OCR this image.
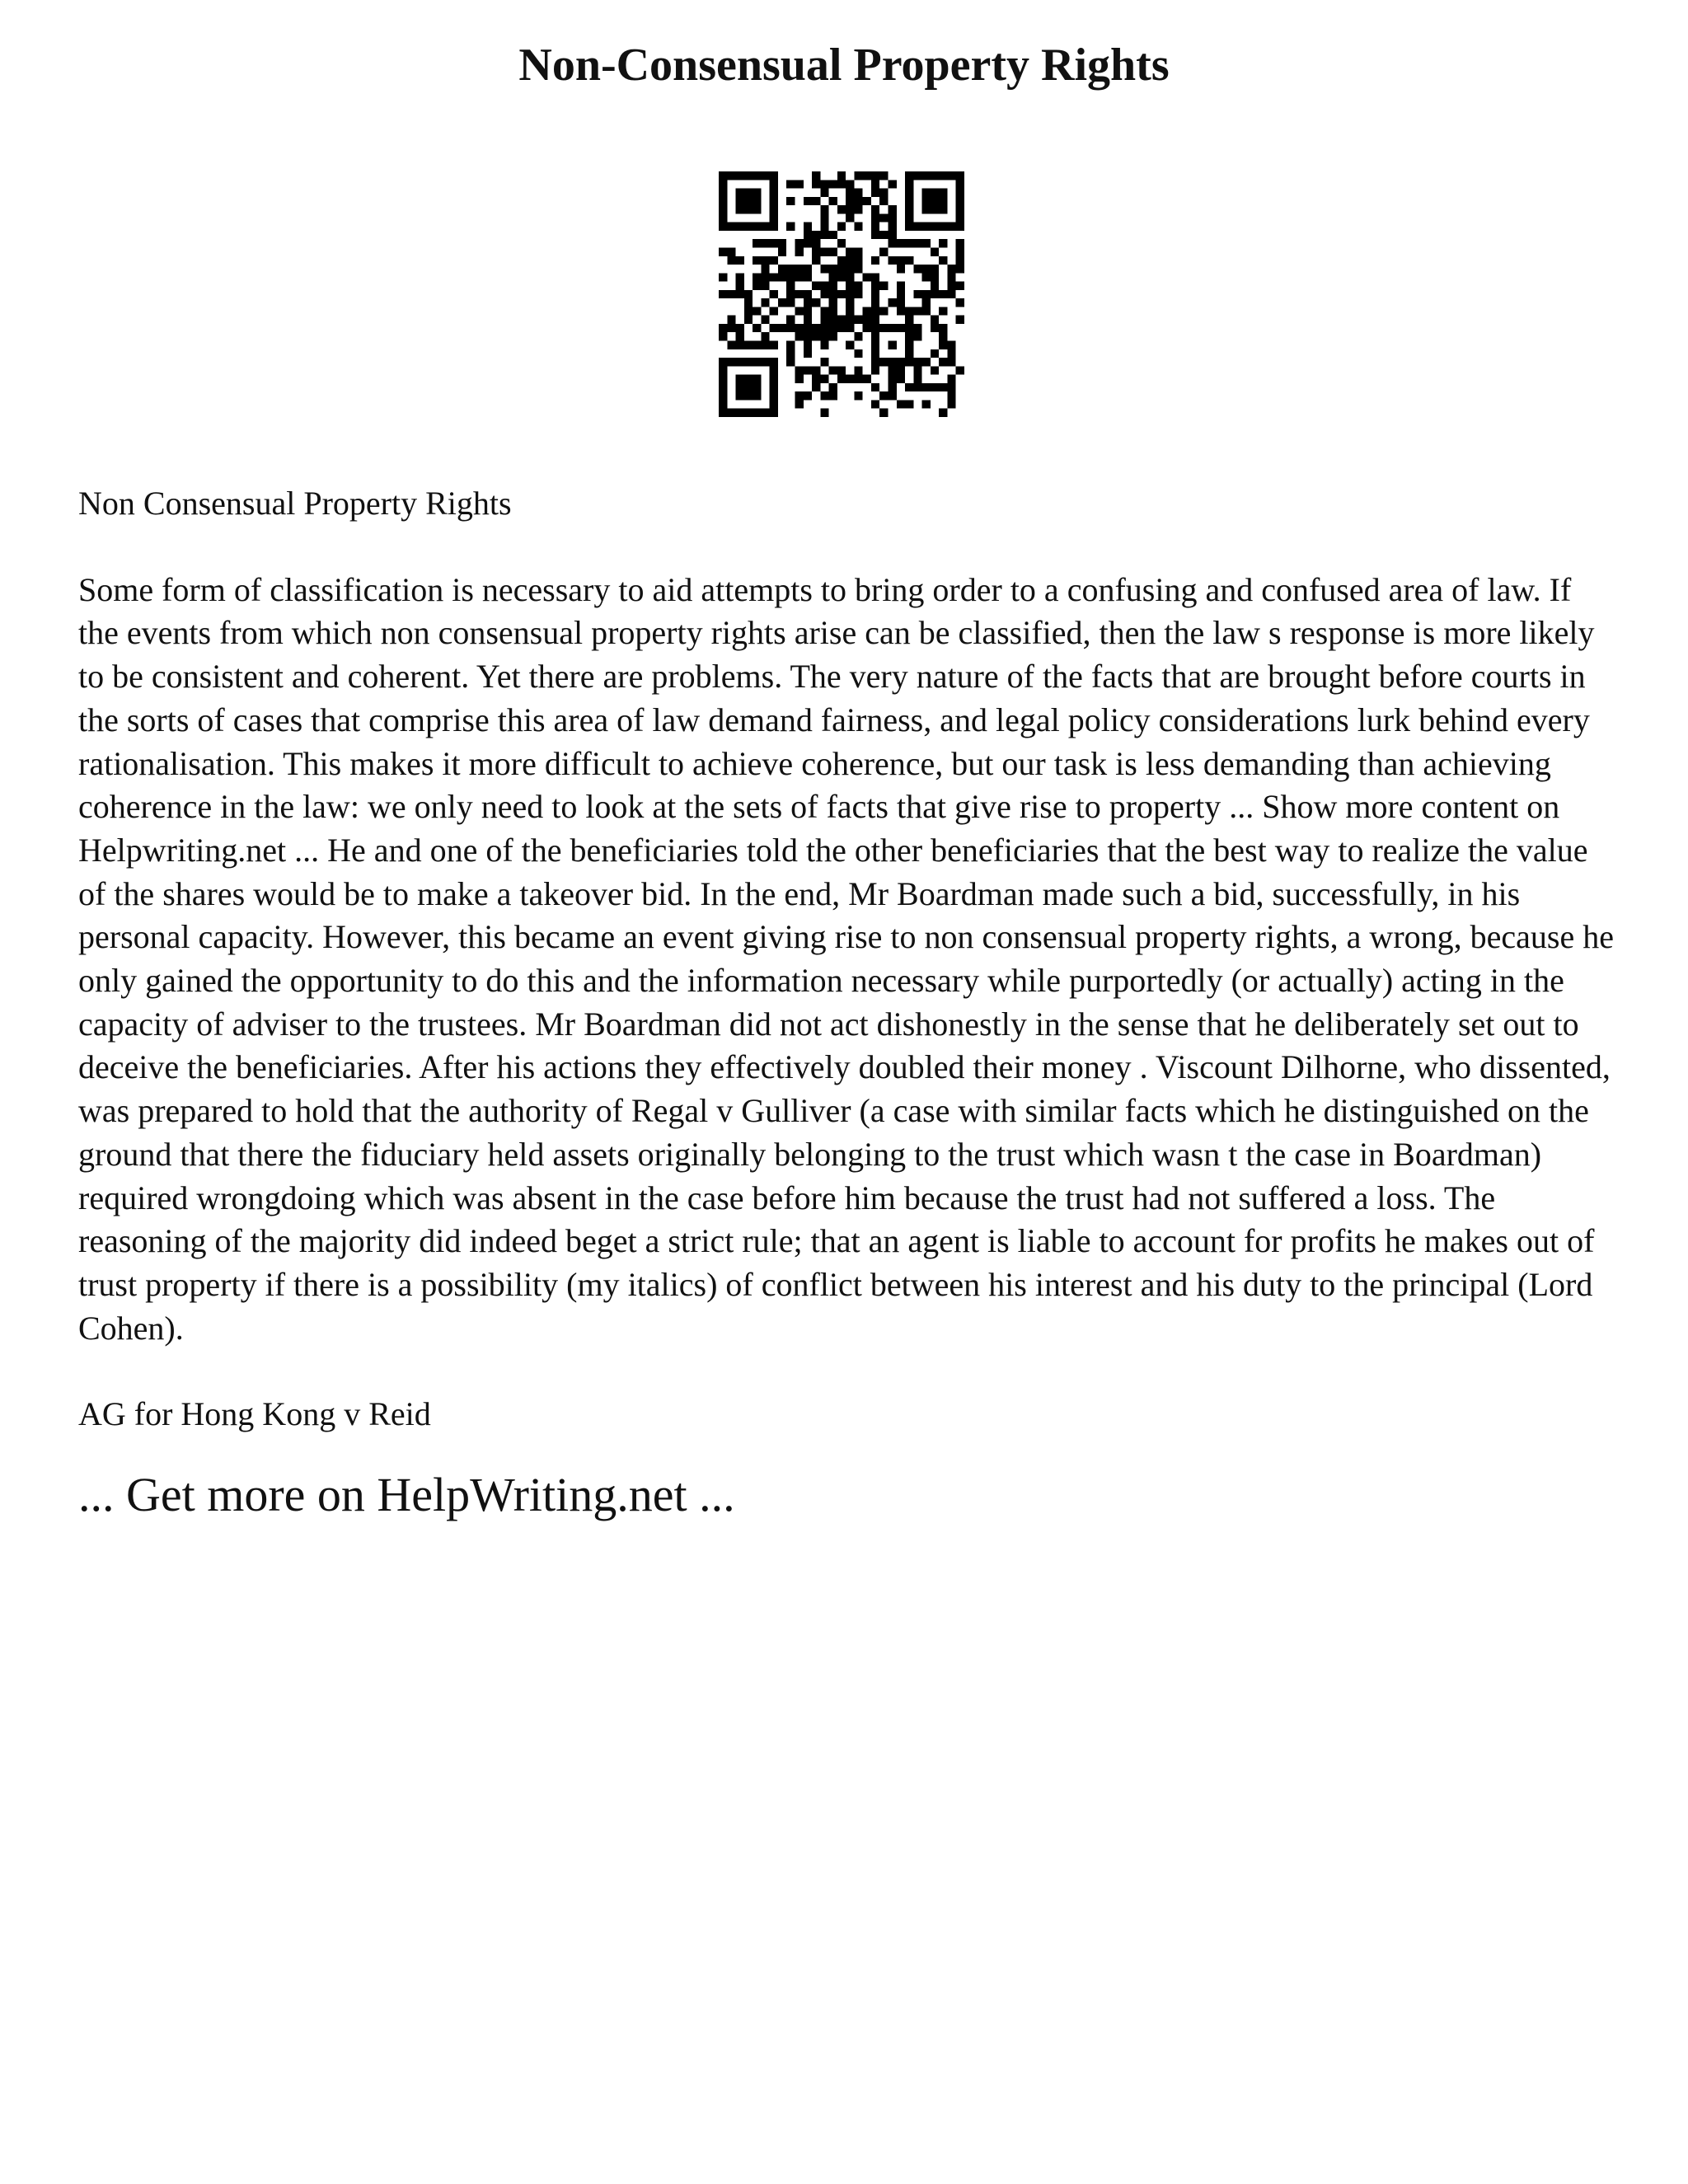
Non-Consensual Property Rights

Non Consensual Property Rights

Some form of classification is necessary to aid attempts to bring order to a confusing and confused area of law. If the events from which non consensual property rights arise can be classified, then the law s response is more likely to be consistent and coherent. Yet there are problems. The very nature of the facts that are brought before courts in the sorts of cases that comprise this area of law demand fairness, and legal policy considerations lurk behind every rationalisation. This makes it more difficult to achieve coherence, but our task is less demanding than achieving coherence in the law: we only need to look at the sets of facts that give rise to property ... Show more content on Helpwriting.net ... He and one of the beneficiaries told the other beneficiaries that the best way to realize the value of the shares would be to make a takeover bid. In the end, Mr Boardman made such a bid, successfully, in his personal capacity. However, this became an event giving rise to non consensual property rights, a wrong, because he only gained the opportunity to do this and the information necessary while purportedly (or actually) acting in the capacity of adviser to the trustees. Mr Boardman did not act dishonestly in the sense that he deliberately set out to deceive the beneficiaries. After his actions they effectively doubled their money . Viscount Dilhorne, who dissented, was prepared to hold that the authority of Regal v Gulliver (a case with similar facts which he distinguished on the ground that there the fiduciary held assets originally belonging to the trust which wasn t the case in Boardman) required wrongdoing which was absent in the case before him because the trust had not suffered a loss. The reasoning of the majority did indeed beget a strict rule; that an agent is liable to account for profits he makes out of trust property if there is a possibility (my italics) of conflict between his interest and his duty to the principal (Lord Cohen).

AG for Hong Kong v Reid

... Get more on HelpWriting.net ...
